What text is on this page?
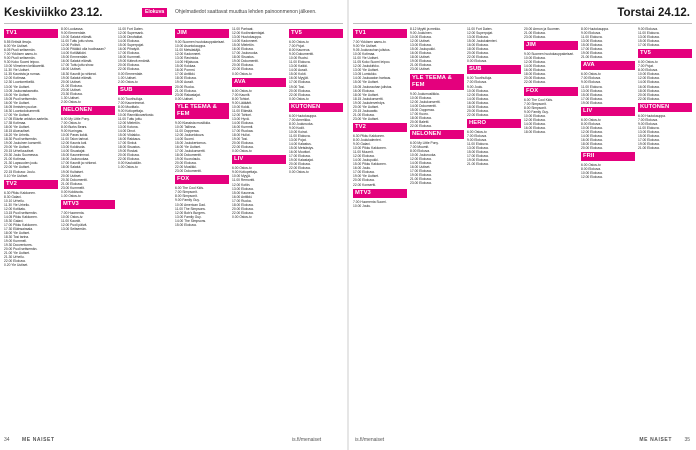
Keskiviikko 23.12.	Elokuva	Ohjelmatiedot saattavat muuttua lehden painoonmenon jälkeen.
TV1
5.55 Entisiä ilmoja.
6.00 Yle Uutiset.
6.05 Puoli seitsemän.
7.00 Ykkösen aamu-tv.
9.00 Puoli seitsemän.
9.30 Koko Suomi leipoo.
10.00 Viimeinen kelkkaretki.
11.30 Yle Uutiset.
11.35 Kaunista ja rumaa.
12.00 Kotimaa.
12.30 Luontoretkellä.
13.00 Yle Uutiset.
13.05 Jouluvastaanotto.
15.00 Yle Uutiset.
15.05 Puoli seitsemän.
16.00 Yle Uutiset.
16.05 Ihmisten puolue.
16.30 Luontodokumentti.
17.00 Yle Uutiset.
17.05 Elävän arkiston aarteita.
17.35 Kotimaa.
18.00 Yle Uutiset.
18.15 Alueuutiset.
18.20 Yle Urheilu.
18.30 Puoli seitsemän.
19.00 Jouluinen konsertti.
20.00 Yle Uutiset.
20.15 Urheiluuutiset.
20.30 Joulu Suomessa.
21.00 Kotimaa.
21.30 Lapsuuden joulu.
22.00 Yle Uutiset.
22.15 Elokuva: Joulu.
0.10 Yle Uutiset.
TV2
6.30 Pikku Kakkonen.
8.30 Galaxi.
10.10 Urheilu.
11.30 Yle Urheilu.
12.00 Kotikatu.
13.15 Puoli seitsemän.
14.05 Pikku Kakkonen.
15.30 Galaxi.
17.00 Pikku Kakkonen.
17.30 Eläinsairaala.
18.00 Yle Uutiset.
18.30 Tosi tarina.
19.00 Kummeli.
19.30 Docventures.
20.00 Puoli seitsemän.
21.00 Yle Uutiset.
21.30 Urheilu.
22.00 Elokuva.
0.20 Yle Uutiset.
8.00 Luokassa.
9.00 Emmerdale.
10.00 Salatut elämät.
11.00 Tuttu juttu show.
12.00 Poliisit.
13.00 Pitääkö olla huolissaan?
14.00 Kotilääkäri.
15.00 Emmerdale.
16.00 Salatut elämät.
17.00 Tuttu juttu show.
18.00 Uutiset.
18.30 Kauniit ja rohkeat.
19.00 Salatut elämät.
20.00 Uutiset.
21.00 Elokuva.
23.00 Uutiset.
23.30 Elokuva.
1.30 Uutiset.
2.00 Ostos-tv.
NELONEN
6.00 My Little Pony.
7.00 Ostos-tv.
8.00 Burks Bears.
9.00 Kuningas.
10.00 Paras kokki.
11.00 Talon tarinat.
12.00 Kaunis koti.
13.00 Kokkisota.
14.00 Sisustajat.
15.00 Kauneimmat.
16.00 Jouluruokaa.
17.00 Kauniit ja rohkeat.
18.00 Salatut.
19.00 Kultaiset.
20.00 Uutiset.
20.30 Dokumentti.
21.00 Elokuva.
23.00 Kummelit.
0.00 Kokkisota.
1.00 Ostos-tv.
MTV3
7.00 Huomenta.
10.00 Ostos-tv.
11.00 Kauniit.
12.00 Puoli päivä.
13.00 Seitsemän.
11.00 Fort Daten.
12.00 Supersank.
13.00 Dinofaktat.
14.00 Elokuva.
15.00 Superpojat.
16.00 Pihatyöt.
17.00 Elokuva.
18.00 Kummeli.
19.00 Kätevä emäntä.
20.00 Elokuva.
22.00 Elokuva.
0.00 Emmerdale.
1.00 Uutiset.
2.00 Ostos-tv.
SUB
6.00 Tuurihulluja.
7.00 Kauneimmat.
8.00 Muotitalo.
9.00 Kotiopettaja.
10.00 Rannikkovartiosto.
11.00 Tuttu juttu.
12.00 Mieletön.
13.00 Kotona.
14.00 Dinot.
15.00 Viidakko.
16.00 Rakkaus.
17.00 Sinkut.
18.00 Sisustus.
19.00 Roskat.
20.00 Elokuva.
22.00 Elokuva.
0.00 Kaukoidän.
1.00 Ostos-tv.
JIM
9.00 Suomen huutokauppakeisari.
10.00 Asuntokauppa.
11.00 Metsästäjä.
12.00 Kadonneet.
13.00 Ravintola.
14.00 Hiljaisuus.
15.00 Kokkaa.
16.00 Pommi.
17.00 Antiikki.
18.00 Elokuva.
19.00 Aussit.
20.00 Ruoka.
21.00 Elokuva.
23.00 Rakastajat.
0.00 Uutiset.
YLE TEEMA & FEM
9.00 Klassista musiikkia.
10.00 Tallinna.
11.00 Oopperaa.
12.00 Jouluelokuva.
14.00 Suomi.
15.00 Joulukertomus.
16.00 Yle Uutiset.
17.00 Joulukonsertti.
18.00 Dokumentti.
19.00 Kuorolaulu.
20.00 Elokuva.
22.00 Musiikki.
23.00 Dokumentti.
FOX
6.00 The Cool Kids.
7.00 Simpsonit.
8.00 Simpsonit.
9.00 Family Guy.
10.00 American Dad.
11.00 The Simpsons.
12.00 Bob's Burgers.
13.00 Family Guy.
14.00 The Simpsons.
15.00 Elokuva.
11.00 Parhaat.
12.00 Kodinrakentajat.
13.00 Huutokauppa.
14.00 Kadonneet.
15.00 Mieletön.
16.00 Elokuva.
17.00 Jouluruoka.
18.00 Sisustus.
19.00 Dokumentti.
20.00 Elokuva.
22.00 Elokuva.
0.00 Ostos-tv.
AVA
6.00 Ostos-tv.
7.00 Kauniit.
8.00 Tohtori.
9.00 Lääkärit.
10.00 Kokki.
11.00 Elämää.
12.00 Tohtori.
13.00 Hyvä.
14.00 Elokuva.
16.00 Kummit.
17.00 Ruokaa.
18.00 Hullut.
19.00 Tosi.
20.00 Elokuva.
22.00 Elokuva.
0.00 Ostos-tv.
LIV
6.00 Ostos-tv.
9.00 Kotiopettaja.
10.00 Myyjä.
11.00 Remontti.
12.00 Kotiin.
13.00 Elokuva.
15.00 Kauneus.
16.00 Antiikki.
17.00 Ruoka.
18.00 Elokuva.
20.00 Elokuva.
22.00 Elokuva.
0.00 Ostos-tv.
TV5
6.00 Ostos-tv.
7.00 Pojat.
8.00 Kauneus.
9.00 Dokumentti.
10.00 Ruotsi.
11.00 Elokuva.
13.00 Kaikki.
14.00 Aussit.
15.00 Kokit.
16.00 Myyjät.
17.00 Elokuva.
19.00 Tosi.
20.00 Elokuva.
22.00 Elokuva.
0.00 Ostos-tv.
KUTONEN
6.00 Huutokauppa.
7.00 Amerikka.
8.00 Jouluruoka.
9.00 Kodit.
10.00 Koirat.
11.00 Elokuva.
13.00 Pojat.
14.00 Kalastus.
15.00 Metsästys.
16.00 Moottori.
17.00 Elokuva.
19.00 Kalastajat.
20.00 Elokuva.
22.00 Elokuva.
0.00 Ostos-tv.
34 ME NAISET	is.fi/menaiset
Torstai 24.12.
TV1
7.00 Ykkösen aamu-tv.
9.00 Yle Uutiset.
9.05 Joulurauhan julistus.
10.00 Kotimaa.
11.00 Yle Uutiset.
11.05 Koko Suomi leipoo.
12.00 Joulukirkko.
13.00 Yle Uutiset.
13.05 Lumiukko.
14.00 Jouluaaton hartaus.
15.00 Yle Uutiset.
15.05 Joulurauhan julistus.
16.00 Elokuva.
18.00 Yle Uutiset.
18.15 Joulukonsertti.
19.00 Joulutervehdys.
20.00 Yle Uutiset.
20.15 Jouluaatto.
21.00 Elokuva.
23.00 Yle Uutiset.
TV2
6.30 Pikku Kakkonen.
8.00 Joulukalenteri.
9.00 Galaxi.
10.00 Pikku Kakkonen.
11.00 Muumit.
12.00 Elokuva.
14.00 Joulupukki.
15.00 Pikku Kakkonen.
16.00 Joulu.
17.00 Elokuva.
19.00 Yle Uutiset.
20.00 Elokuva.
22.00 Konsertti.
MTV3
7.00 Huomenta Suomi.
10.00 Joulu.
8.12 Myytti ja mekko.
9.00 Jouluinen.
10.00 Elokuva.
12.00 Uutiset.
13.00 Elokuva.
15.00 Joulupukki.
16.00 Elokuva.
18.00 Uutiset.
19.00 Elokuva.
21.00 Elokuva.
23.00 Uutiset.
YLE TEEMA & FEM
9.00 Joulumusiikkia.
10.00 Elokuva.
12.00 Joulukonsertti.
14.00 Dokumentti.
15.00 Oopperaa.
17.00 Kuoro.
18.00 Elokuva.
20.00 Baletti.
22.00 Elokuva.
NELONEN
6.00 My Little Pony.
7.00 Muumit.
8.00 Elokuva.
10.00 Jouluruoka.
12.00 Elokuva.
14.00 Elokuva.
16.00 Uutiset.
17.00 Elokuva.
19.00 Elokuva.
21.00 Elokuva.
23.00 Elokuva.
11.00 Fort Daten.
12.00 Superpojat.
13.00 Elokuva.
15.00 Joulukalenteri.
16.00 Elokuva.
18.00 Elokuva.
20.00 Elokuva.
22.00 Elokuva.
0.00 Elokuva.
SUB
6.00 Tuurihulluja.
7.00 Elokuva.
9.00 Joulu.
10.00 Elokuva.
12.00 Elokuva.
14.00 Elokuva.
16.00 Elokuva.
18.00 Elokuva.
20.00 Elokuva.
22.00 Elokuva.
HERO
6.00 Ostos-tv.
7.00 Elokuva.
9.00 Elokuva.
11.00 Elokuva.
13.00 Elokuva.
15.00 Elokuva.
17.00 Elokuva.
19.00 Elokuva.
21.00 Elokuva.
20.00 Armon ja Suomen.
21.00 Elokuva.
23.00 Elokuva.
JIM
9.00 Suomen huutokauppakeisari.
10.00 Elokuva.
12.00 Elokuva.
14.00 Elokuva.
16.00 Elokuva.
18.00 Elokuva.
20.00 Elokuva.
22.00 Elokuva.
FOX
6.00 The Cool Kids.
7.00 Simpsonit.
8.00 Simpsonit.
9.00 Family Guy.
10.00 Elokuva.
12.00 Elokuva.
14.00 Elokuva.
16.00 Elokuva.
18.00 Elokuva.
8.00 Huutokauppa.
9.00 Elokuva.
11.00 Elokuva.
13.00 Elokuva.
15.00 Elokuva.
17.00 Elokuva.
19.00 Elokuva.
21.00 Elokuva.
AVA
6.00 Ostos-tv.
7.00 Elokuva.
9.00 Elokuva.
11.00 Elokuva.
13.00 Elokuva.
15.00 Elokuva.
17.00 Elokuva.
19.00 Elokuva.
LIV
6.00 Ostos-tv.
8.00 Elokuva.
10.00 Elokuva.
12.00 Elokuva.
14.00 Elokuva.
16.00 Elokuva.
18.00 Elokuva.
20.00 Elokuva.
FRII
6.00 Ostos-tv.
8.00 Elokuva.
10.00 Elokuva.
12.00 Elokuva.
9.00 Elokuva.
11.00 Elokuva.
13.00 Elokuva.
15.00 Elokuva.
17.00 Elokuva.
TV5
6.00 Ostos-tv.
7.00 Pojat.
8.00 Elokuva.
10.00 Elokuva.
12.00 Elokuva.
14.00 Elokuva.
16.00 Elokuva.
18.00 Elokuva.
20.00 Elokuva.
22.00 Elokuva.
KUTONEN
6.00 Huutokauppa.
7.00 Elokuva.
9.00 Elokuva.
11.00 Elokuva.
13.00 Elokuva.
15.00 Elokuva.
17.00 Elokuva.
19.00 Elokuva.
21.00 Elokuva.
is.fi/menaiset	ME NAISET 35
